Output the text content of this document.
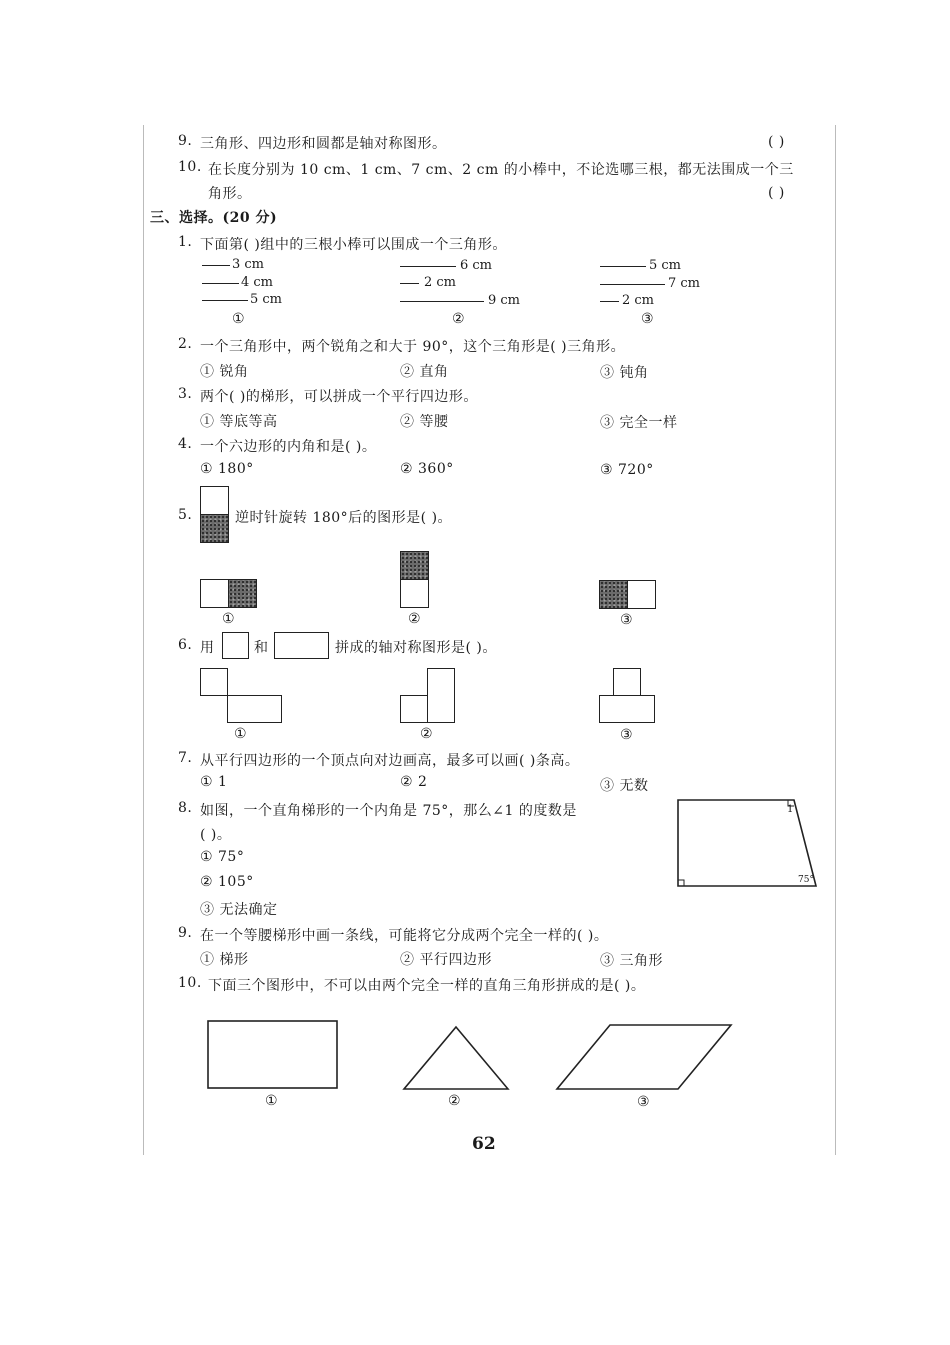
9. 三角形、四边形和圆都是轴对称图形。	( )
10. 在长度分别为 10 cm、1 cm、7 cm、2 cm 的小棒中，不论选哪三根，都无法围成一个三
角形。	( )
三、选择。(20 分)
1. 下面第( )组中的三根小棒可以围成一个三角形。
3 cm
4 cm
5 cm
①
6 cm
2 cm
9 cm
②
5 cm
7 cm
2 cm
③
2. 一个三角形中，两个锐角之和大于 90°，这个三角形是( )三角形。
① 锐角	② 直角	③ 钝角
3. 两个( )的梯形，可以拼成一个平行四边形。
① 等底等高	② 等腰	③ 完全一样
4. 一个六边形的内角和是( )。
① 180°	② 360°	③ 720°
5.	逆时针旋转 180°后的图形是( )。
①	②	③
6. 用	和	拼成的轴对称图形是( )。
①	②	③
7. 从平行四边形的一个顶点向对边画高，最多可以画( )条高。
① 1	② 2	③ 无数
8. 如图，一个直角梯形的一个内角是 75°，那么∠1 的度数是
( )。
① 75°
② 105°
③ 无法确定
1
75°
9. 在一个等腰梯形中画一条线，可能将它分成两个完全一样的( )。
① 梯形	② 平行四边形	③ 三角形
10. 下面三个图形中，不可以由两个完全一样的直角三角形拼成的是( )。
①	②	③
62
